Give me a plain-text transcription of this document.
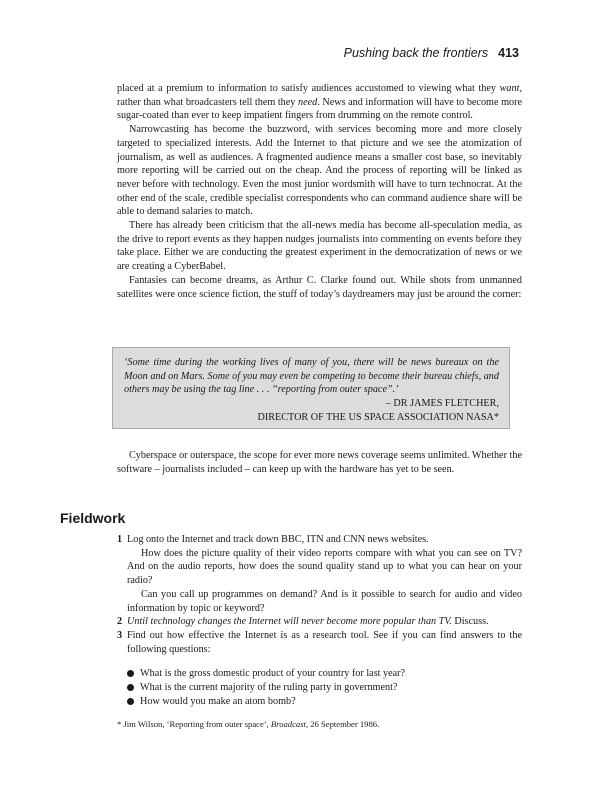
Pushing back the frontiers 413

placed at a premium to information to satisfy audiences accustomed to viewing what they want, rather than what broadcasters tell them they need. News and information will have to become more sugar-coated than ever to keep impatient fingers from drumming on the remote control.

Narrowcasting has become the buzzword, with services becoming more and more closely targeted to specialized interests. Add the Internet to that picture and we see the atomization of journalism, as well as audiences. A fragmented audience means a smaller cost base, so inevitably more reporting will be carried out on the cheap. And the process of reporting will be linked as never before with technology. Even the most junior wordsmith will have to turn technocrat. At the other end of the scale, credible specialist correspondents who can command audience share will be able to demand salaries to match.

There has already been criticism that the all-news media has become all-speculation media, as the drive to report events as they happen nudges journalists into commenting on events before they take place. Either we are conducting the greatest experiment in the democratization of news or we are creating a CyberBabel.

Fantasies can become dreams, as Arthur C. Clarke found out. While shots from unmanned satellites were once science fiction, the stuff of today’s daydreamers may just be around the corner:

‘Some time during the working lives of many of you, there will be news bureaux on the Moon and on Mars. Some of you may even be competing to become their bureau chiefs, and others may be using the tag line . . . “reporting from outer space”.’

– DR JAMES FLETCHER,
DIRECTOR OF THE US SPACE ASSOCIATION NASA*

Cyberspace or outerspace, the scope for ever more news coverage seems unlimited. Whether the software – journalists included – can keep up with the hardware has yet to be seen.

Fieldwork
1 Log onto the Internet and track down BBC, ITN and CNN news websites.

How does the picture quality of their video reports compare with what you can see on TV? And on the audio reports, how does the sound quality stand up to what you can hear on your radio?

Can you call up programmes on demand? And is it possible to search for audio and video information by topic or keyword?

2 Until technology changes the Internet will never become more popular than TV. Discuss.

3 Find out how effective the Internet is as a research tool. See if you can find answers to the following questions:

What is the gross domestic product of your country for last year?
What is the current majority of the ruling party in government?
How would you make an atom bomb?
* Jim Wilson, ‘Reporting from outer space’, Broadcast, 26 September 1986.
